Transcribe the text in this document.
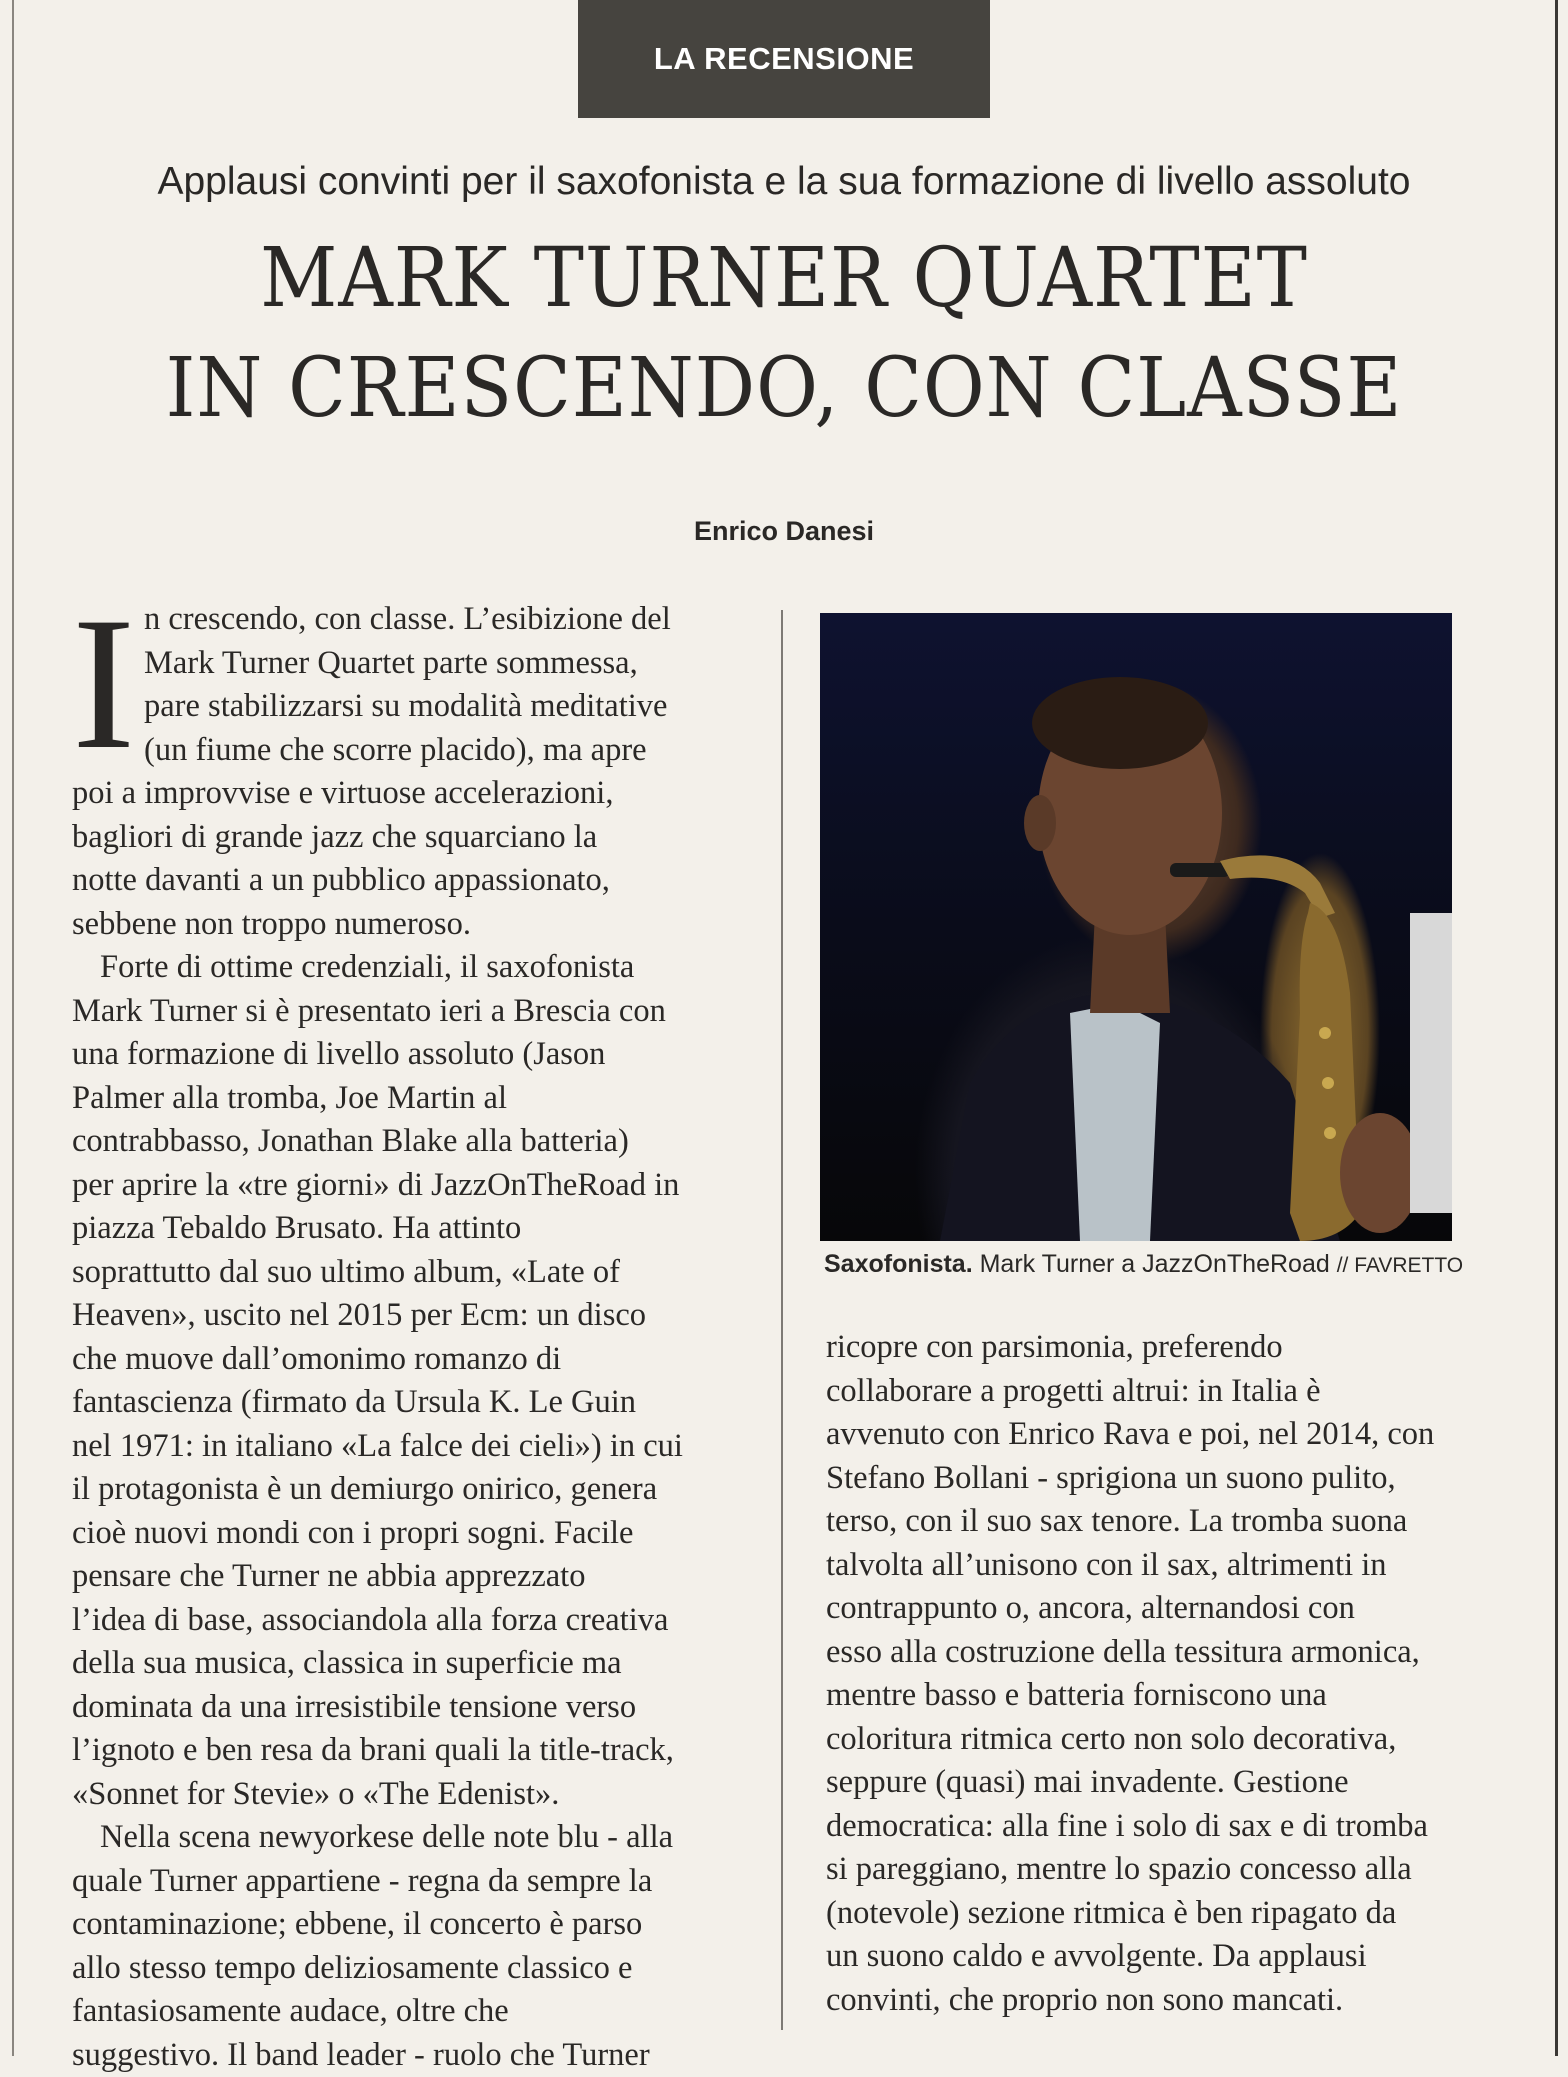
LA RECENSIONE
Applausi convinti per il saxofonista e la sua formazione di livello assoluto
MARK TURNER QUARTET
IN CRESCENDO, CON CLASSE
Enrico Danesi
I n crescendo, con classe. L’esibizione del
Mark Turner Quartet parte sommessa,
pare stabilizzarsi su modalità meditative
(un fiume che scorre placido), ma apre
poi a improvvise e virtuose accelerazioni,
bagliori di grande jazz che squarciano la
notte davanti a un pubblico appassionato,
sebbene non troppo numeroso.
Forte di ottime credenziali, il saxofonista
Mark Turner si è presentato ieri a Brescia con
una formazione di livello assoluto (Jason
Palmer alla tromba, Joe Martin al
contrabbasso, Jonathan Blake alla batteria)
per aprire la «tre giorni» di JazzOnTheRoad in
piazza Tebaldo Brusato. Ha attinto
soprattutto dal suo ultimo album, «Late of
Heaven», uscito nel 2015 per Ecm: un disco
che muove dall’omonimo romanzo di
fantascienza (firmato da Ursula K. Le Guin
nel 1971: in italiano «La falce dei cieli») in cui
il protagonista è un demiurgo onirico, genera
cioè nuovi mondi con i propri sogni. Facile
pensare che Turner ne abbia apprezzato
l’idea di base, associandola alla forza creativa
della sua musica, classica in superficie ma
dominata da una irresistibile tensione verso
l’ignoto e ben resa da brani quali la title-track,
«Sonnet for Stevie» o «The Edenist».
Nella scena newyorkese delle note blu - alla
quale Turner appartiene - regna da sempre la
contaminazione; ebbene, il concerto è parso
allo stesso tempo deliziosamente classico e
fantasiosamente audace, oltre che
suggestivo. Il band leader - ruolo che Turner
Saxofonista. Mark Turner a JazzOnTheRoad // FAVRETTO
ricopre con parsimonia, preferendo
collaborare a progetti altrui: in Italia è
avvenuto con Enrico Rava e poi, nel 2014, con
Stefano Bollani - sprigiona un suono pulito,
terso, con il suo sax tenore. La tromba suona
talvolta all’unisono con il sax, altrimenti in
contrappunto o, ancora, alternandosi con
esso alla costruzione della tessitura armonica,
mentre basso e batteria forniscono una
coloritura ritmica certo non solo decorativa,
seppure (quasi) mai invadente. Gestione
democratica: alla fine i solo di sax e di tromba
si pareggiano, mentre lo spazio concesso alla
(notevole) sezione ritmica è ben ripagato da
un suono caldo e avvolgente. Da applausi
convinti, che proprio non sono mancati.
